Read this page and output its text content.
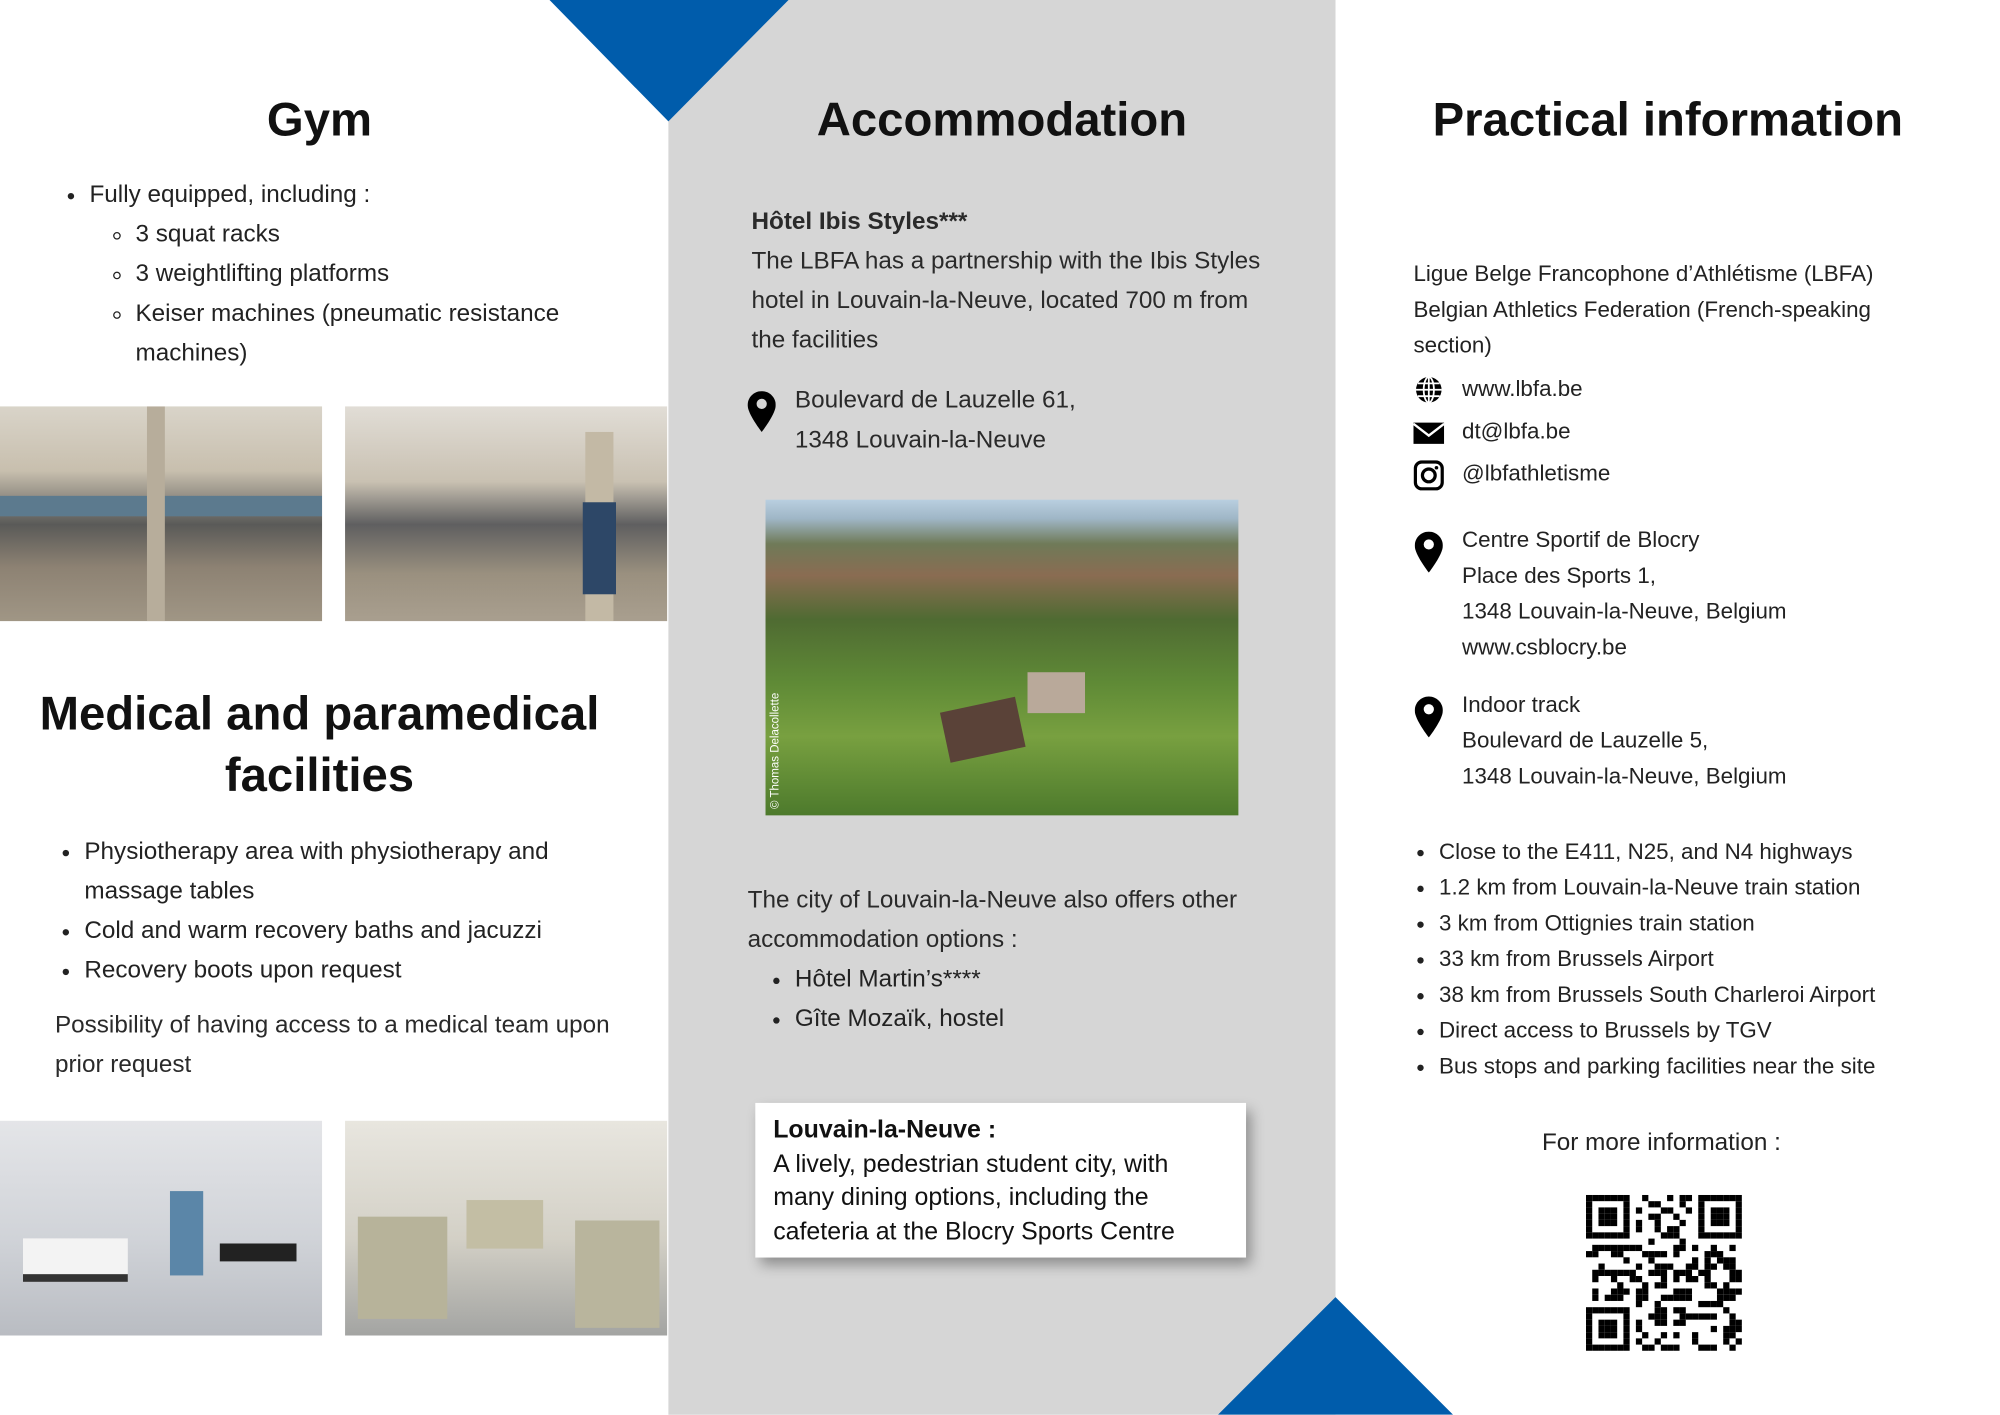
Gym
• Fully equipped, including :
◦ 3 squat racks
◦ 3 weightlifting platforms
◦ Keiser machines (pneumatic resistance machines)
Medical and paramedical facilities
• Physiotherapy area with physiotherapy and massage tables
• Cold and warm recovery baths and jacuzzi
• Recovery boots upon request
Possibility of having access to a medical team upon prior request
Accommodation
Hôtel Ibis Styles***
The LBFA has a partnership with the Ibis Styles hotel in Louvain-la-Neuve, located 700 m from the facilities
Boulevard de Lauzelle 61,
1348 Louvain-la-Neuve
© Thomas Delacollette
The city of Louvain-la-Neuve also offers other accommodation options :
• Hôtel Martin’s****
• Gîte Mozaïk, hostel
Louvain-la-Neuve :
A lively, pedestrian student city, with many dining options, including the cafeteria at the Blocry Sports Centre
Practical information
Ligue Belge Francophone d’Athlétisme (LBFA)
Belgian Athletics Federation (French-speaking section)
www.lbfa.be
dt@lbfa.be
@lbfathletisme
Centre Sportif de Blocry
Place des Sports 1,
1348 Louvain-la-Neuve, Belgium
www.csblocry.be
Indoor track
Boulevard de Lauzelle 5,
1348 Louvain-la-Neuve, Belgium
• Close to the E411, N25, and N4 highways
• 1.2 km from Louvain-la-Neuve train station
• 3 km from Ottignies train station
• 33 km from Brussels Airport
• 38 km from Brussels South Charleroi Airport
• Direct access to Brussels by TGV
• Bus stops and parking facilities near the site
For more information :
